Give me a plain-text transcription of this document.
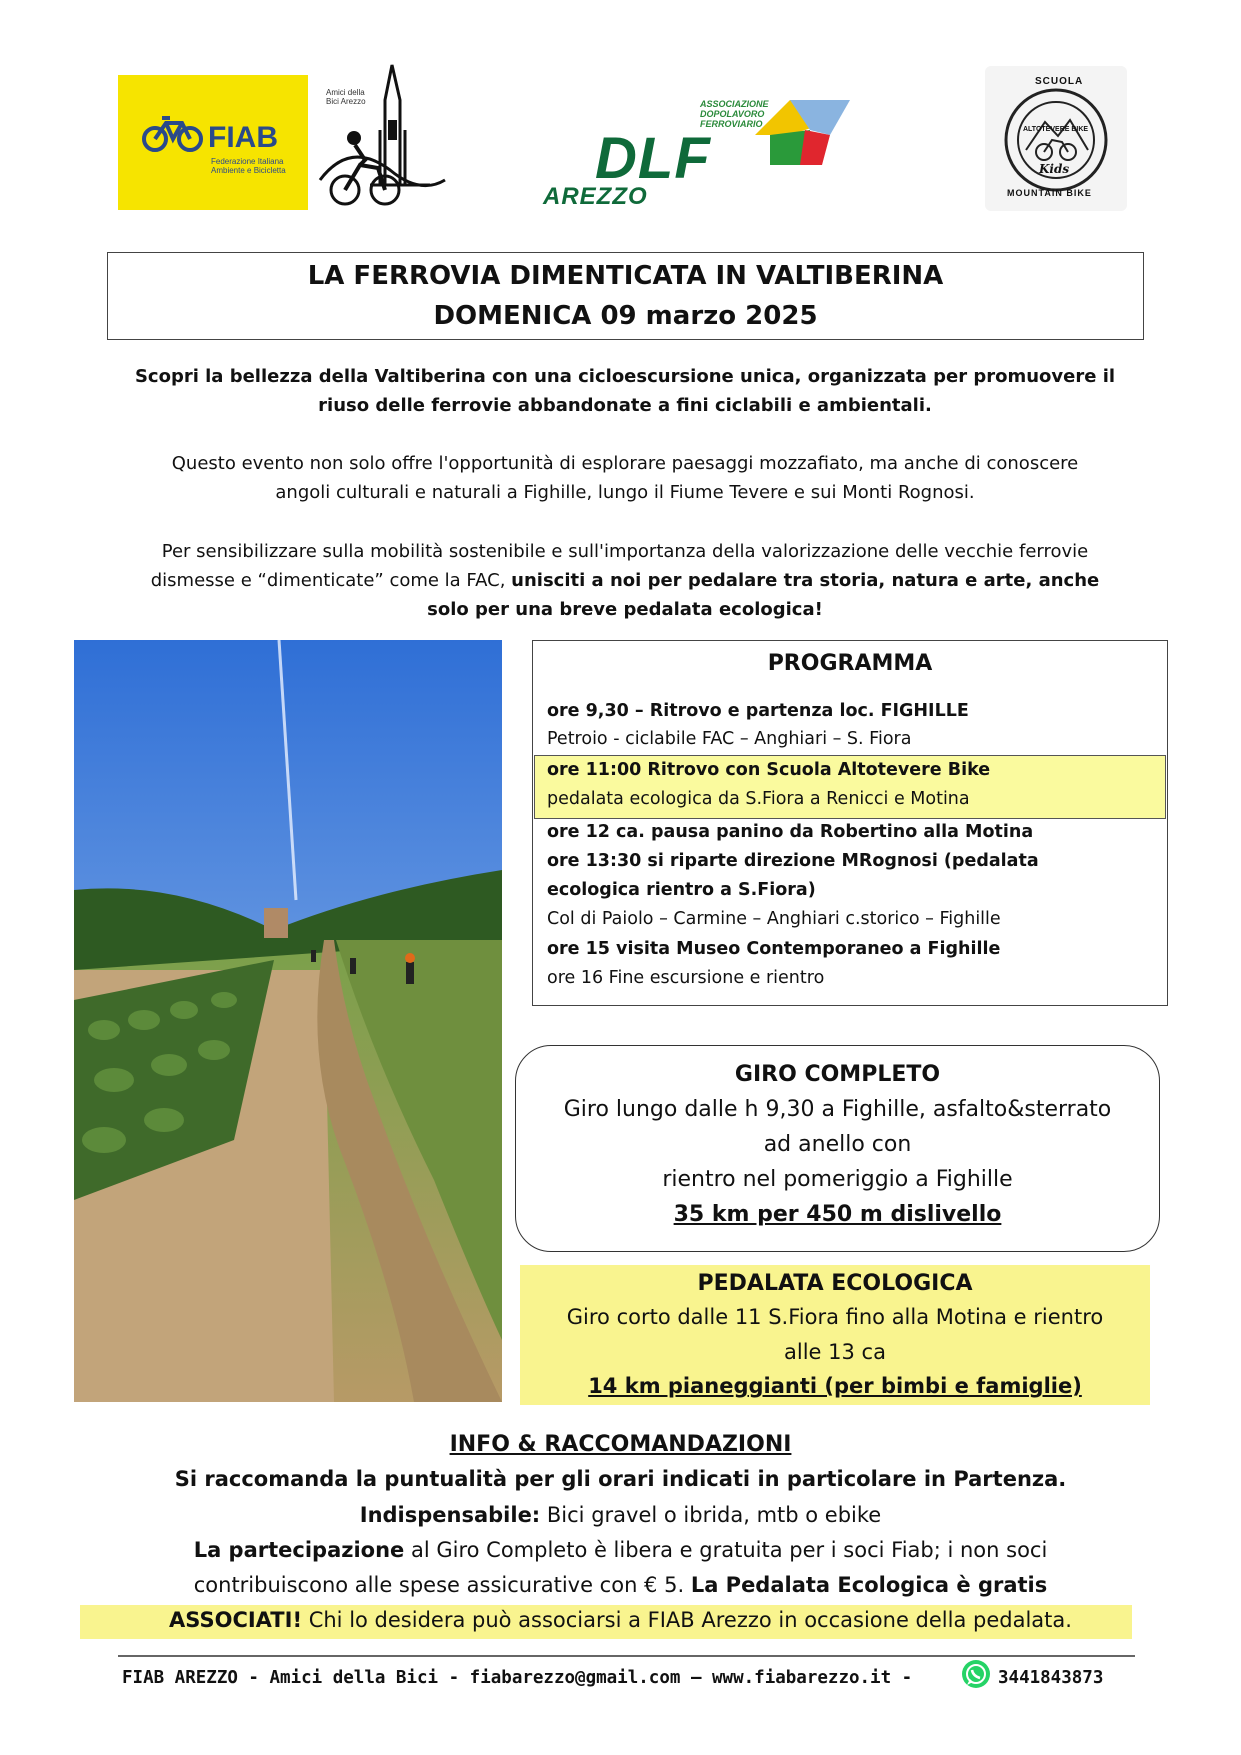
FIAB
Federazione Italiana Ambiente e Bicicletta
Amici della Bici Arezzo	ASSOCIAZIONE DOPOLAVORO FERROVIARIO
DLF
AREZZO
SCUOLA
ALTOTEVERE BIKE
Kids
MOUNTAIN BIKE
LA FERROVIA DIMENTICATA IN VALTIBERINA
DOMENICA 09 marzo 2025
Scopri la bellezza della Valtiberina con una cicloescursione unica, organizzata per promuovere il
riuso delle ferrovie abbandonate a fini ciclabili e ambientali.
Questo evento non solo offre l'opportunità di esplorare paesaggi mozzafiato, ma anche di conoscere
angoli culturali e naturali a Fighille, lungo il Fiume Tevere e sui Monti Rognosi.
Per sensibilizzare sulla mobilità sostenibile e sull'importanza della valorizzazione delle vecchie ferrovie
dismesse e “dimenticate” come la FAC, unisciti a noi per pedalare tra storia, natura e arte, anche
solo per una breve pedalata ecologica!
PROGRAMMA
ore 9,30 – Ritrovo e partenza loc. FIGHILLE
Petroio - ciclabile FAC – Anghiari – S. Fiora
ore 12 ca. pausa panino da Robertino alla Motina
ore 13:30 si riparte direzione MRognosi (pedalata
ecologica rientro a S.Fiora)
Col di Paiolo – Carmine – Anghiari c.storico – Fighille
ore 15 visita Museo Contemporaneo a Fighille
ore 16 Fine escursione e rientro
ore 11:00 Ritrovo con Scuola Altotevere Bike
pedalata ecologica da S.Fiora a Renicci e Motina
GIRO COMPLETO
Giro lungo dalle h 9,30 a Fighille, asfalto&sterrato
ad anello con
rientro nel pomeriggio a Fighille
35 km per 450 m dislivello
PEDALATA ECOLOGICA
Giro corto dalle 11 S.Fiora fino alla Motina e rientro
alle 13 ca
14 km pianeggianti (per bimbi e famiglie)
INFO & RACCOMANDAZIONI
Si raccomanda la puntualità per gli orari indicati in particolare in Partenza.
Indispensabile: Bici gravel o ibrida, mtb o ebike
La partecipazione al Giro Completo è libera e gratuita per i soci Fiab; i non soci
contribuiscono alle spese assicurative con € 5. La Pedalata Ecologica è gratis
ASSOCIATI! Chi lo desidera può associarsi a FIAB Arezzo in occasione della pedalata.
FIAB AREZZO - Amici della Bici - fiabarezzo@gmail.com – www.fiabarezzo.it -	3441843873
